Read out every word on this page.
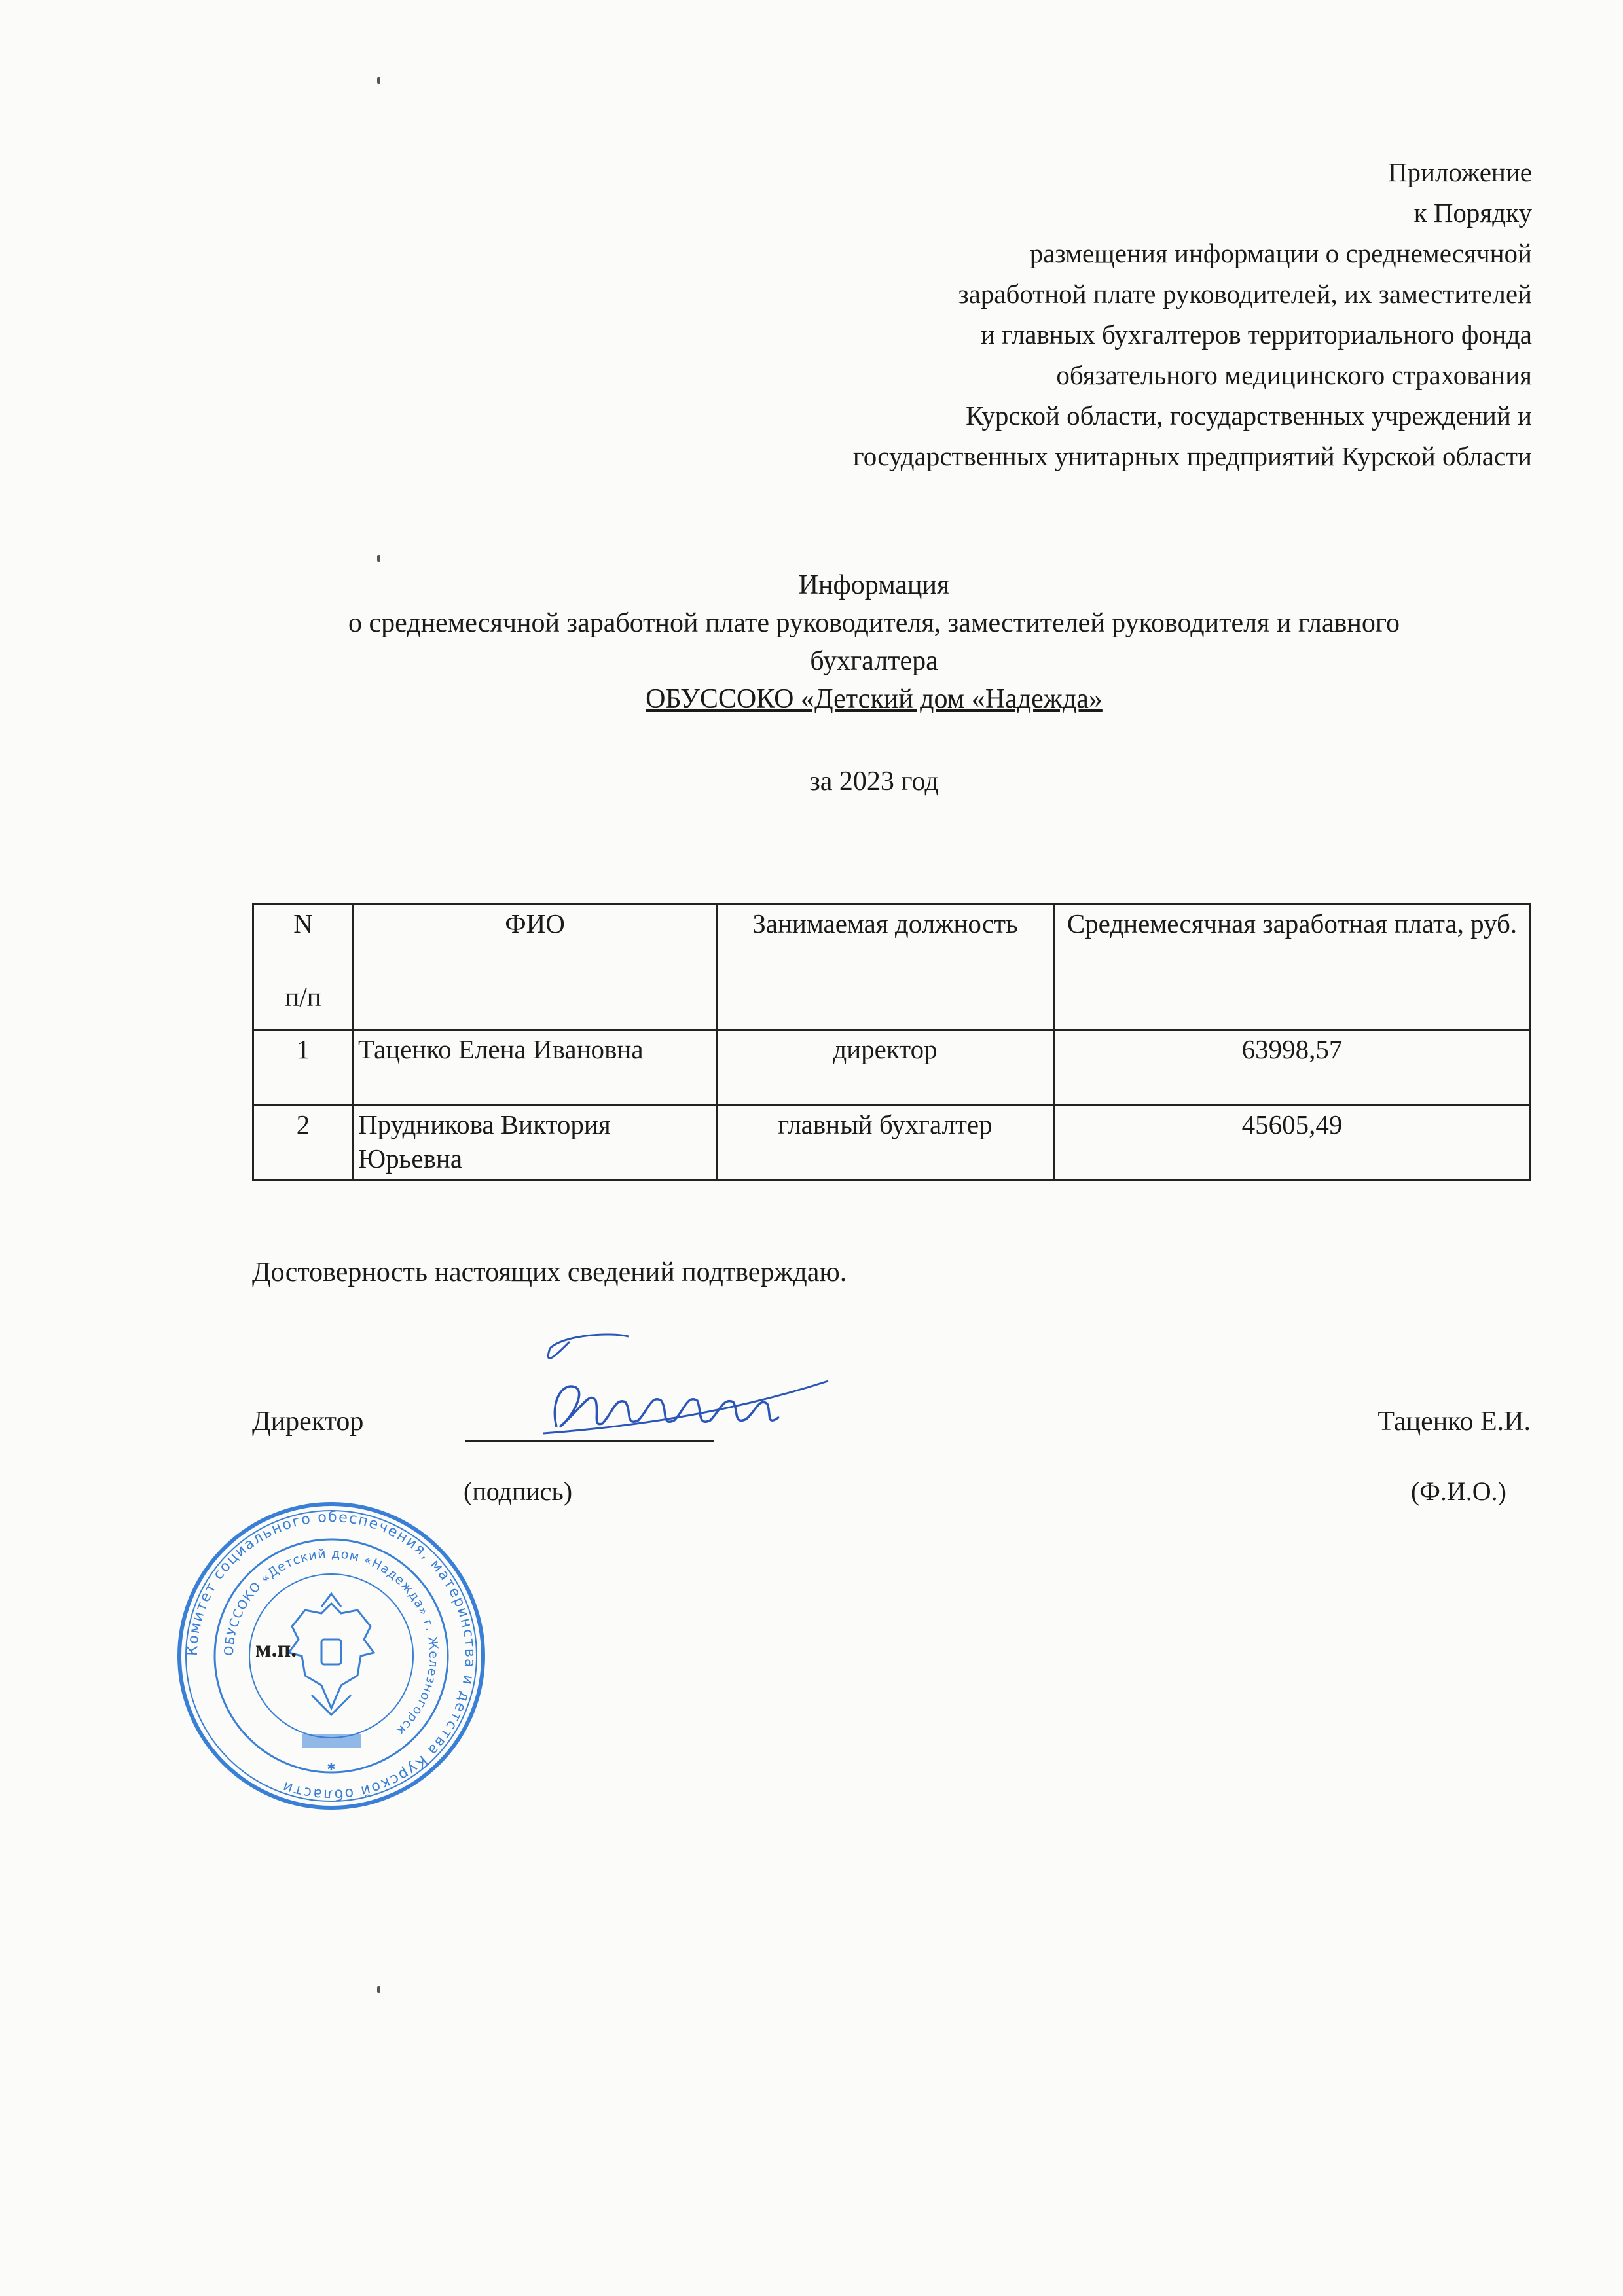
Приложение
к Порядку
размещения информации о среднемесячной
заработной плате руководителей, их заместителей
и главных бухгалтеров территориального фонда
обязательного медицинского страхования
Курской области, государственных учреждений и
государственных унитарных предприятий Курской области
Информация
о среднемесячной заработной плате руководителя, заместителей руководителя и главного
бухгалтера
ОБУССОКО «Детский дом «Надежда»
за 2023 год
N
п/п	ФИО	Занимаемая должность	Среднемесячная заработная плата, руб.
1	Таценко Елена Ивановна	директор	63998,57
2	Прудникова Виктория Юрьевна	главный бухгалтер	45605,49
Достоверность настоящих сведений подтверждаю.
Директор	Таценко Е.И.
(подпись)	(Ф.И.О.)
Комитет социального обеспечения, материнства и детства Курской области
ОБУССОКО «Детский дом «Надежда» г. Железногорск
✱
м.п.
